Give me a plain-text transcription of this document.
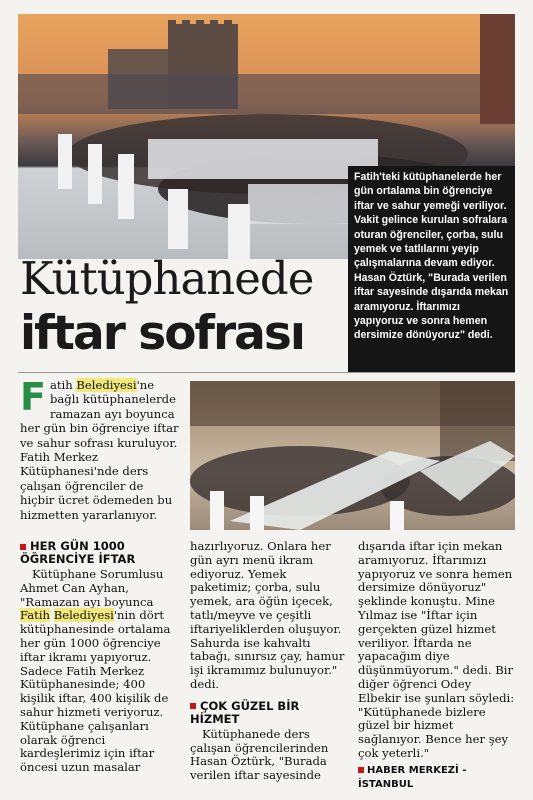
Fatih'teki kütüphanelerde her gün ortalama bin öğrenciye iftar ve sahur yemeği veriliyor. Vakit gelince kurulan sofralara oturan öğrenciler, çorba, sulu yemek ve tatlılarını yeyip çalışmalarına devam ediyor. Hasan Öztürk, "Burada verilen iftar sayesinde dışarıda mekan aramıyoruz. İftarımızı yapıyoruz ve sonra hemen dersimize dönüyoruz" dedi.
Kütüphanede
iftar sofrası
Fatih Belediyesi'ne bağlı kütüphanelerde ramazan ayı boyunca her gün bin öğrenciye iftar ve sahur sofrası kuruluyor. Fatih Merkez Kütüphanesi'nde ders çalışan öğrenciler de hiçbir ücret ödemeden bu hizmetten yararlanıyor.
HER GÜN 1000 ÖĞRENCİYE İFTAR

Kütüphane Sorumlusu Ahmet Can Ayhan, "Ramazan ayı boyunca Fatih Belediyesi'nin dört kütüphanesinde ortalama her gün 1000 öğrenciye iftar ikramı yapıyoruz. Sadece Fatih Merkez Kütüphanesinde; 400 kişilik iftar, 400 kişilik de sahur hizmeti veriyoruz. Kütüphane çalışanları olarak öğrenci kardeşlerimiz için iftar öncesi uzun masalar

hazırlıyoruz. Onlara her gün ayrı menü ikram ediyoruz. Yemek paketimiz; çorba, sulu yemek, ara öğün içecek, tatlı/meyve ve çeşitli iftariyeliklerden oluşuyor. Sahurda ise kahvaltı tabağı, sınırsız çay, hamur işi ikramımız bulunuyor." dedi.

ÇOK GÜZEL BİR HİZMET

Kütüphanede ders çalışan öğrencilerinden Hasan Öztürk, "Burada verilen iftar sayesinde

dışarıda iftar için mekan aramıyoruz. İftarımızı yapıyoruz ve sonra hemen dersimize dönüyoruz" şeklinde konuştu. Mine Yılmaz ise "İftar için gerçekten güzel hizmet veriliyor. İftarda ne yapacağım diye düşünmüyorum." dedi. Bir diğer öğrenci Odey Elbekir ise şunları söyledi: "Kütüphanede bizlere güzel bir hizmet sağlanıyor. Bence her şey çok yeterli."

HABER MERKEZİ - İSTANBUL
